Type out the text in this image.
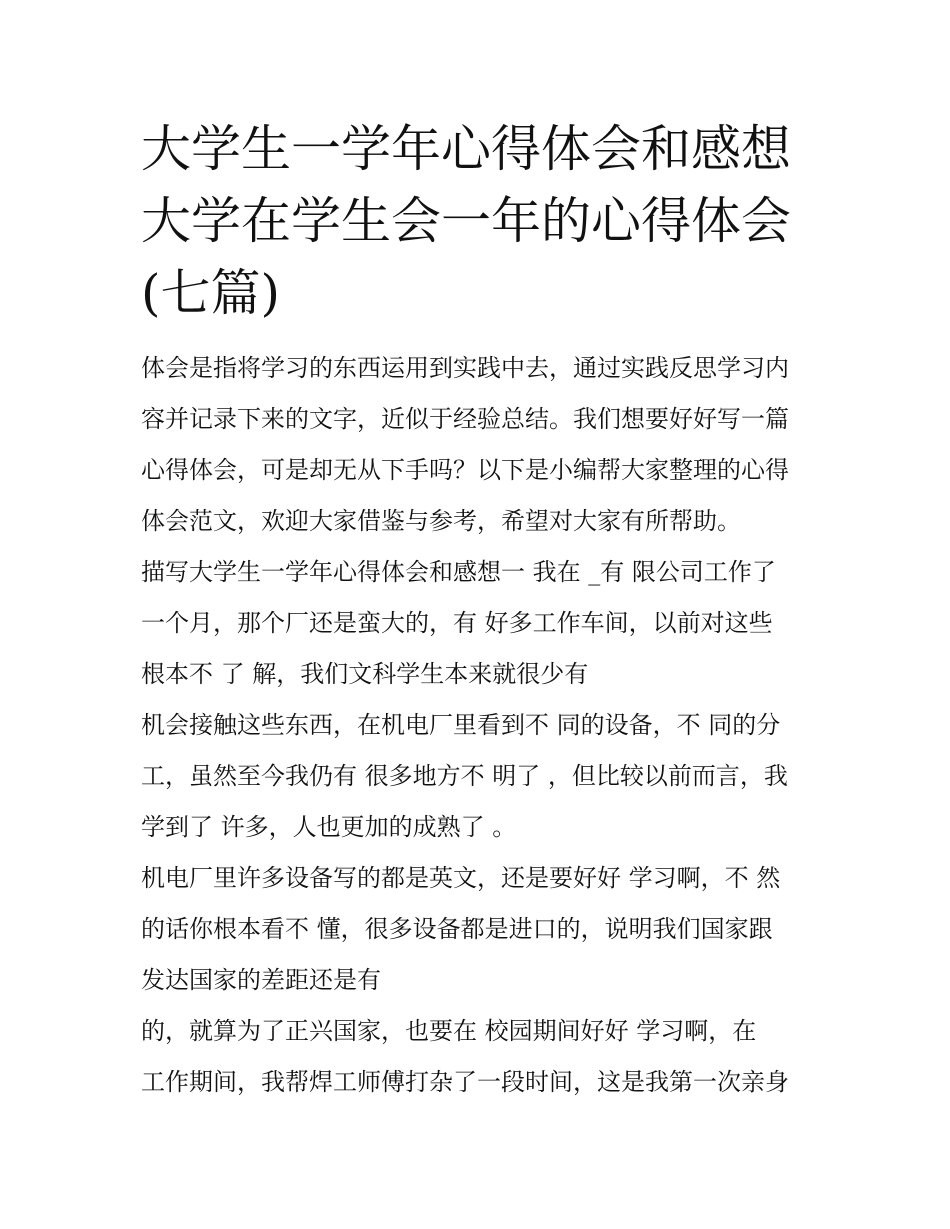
大学生一学年心得体会和感想
大学在学生会一年的心得体会
(七篇)

体会是指将学习的东西运用到实践中去，通过实践反思学习内
容并记录下来的文字，近似于经验总结。我们想要好好写一篇
心得体会，可是却无从下手吗？以下是小编帮大家整理的心得
体会范文，欢迎大家借鉴与参考，希望对大家有所帮助。

描写大学生一学年心得体会和感想一 我在 _有 限公司工作了
一个月，那个厂还是蛮大的，有 好多工作车间，以前对这些
根本不 了 解，我们文科学生本来就很少有

机会接触这些东西，在机电厂里看到不 同的设备，不 同的分
工，虽然至今我仍有 很多地方不 明了 ，但比较以前而言，我
学到了 许多，人也更加的成熟了 。

机电厂里许多设备写的都是英文，还是要好好 学习啊，不 然
的话你根本看不 懂，很多设备都是进口的，说明我们国家跟
发达国家的差距还是有

的，就算为了正兴国家，也要在 校园期间好好 学习啊，在
工作期间，我帮焊工师傅打杂了一段时间，这是我第一次亲身
